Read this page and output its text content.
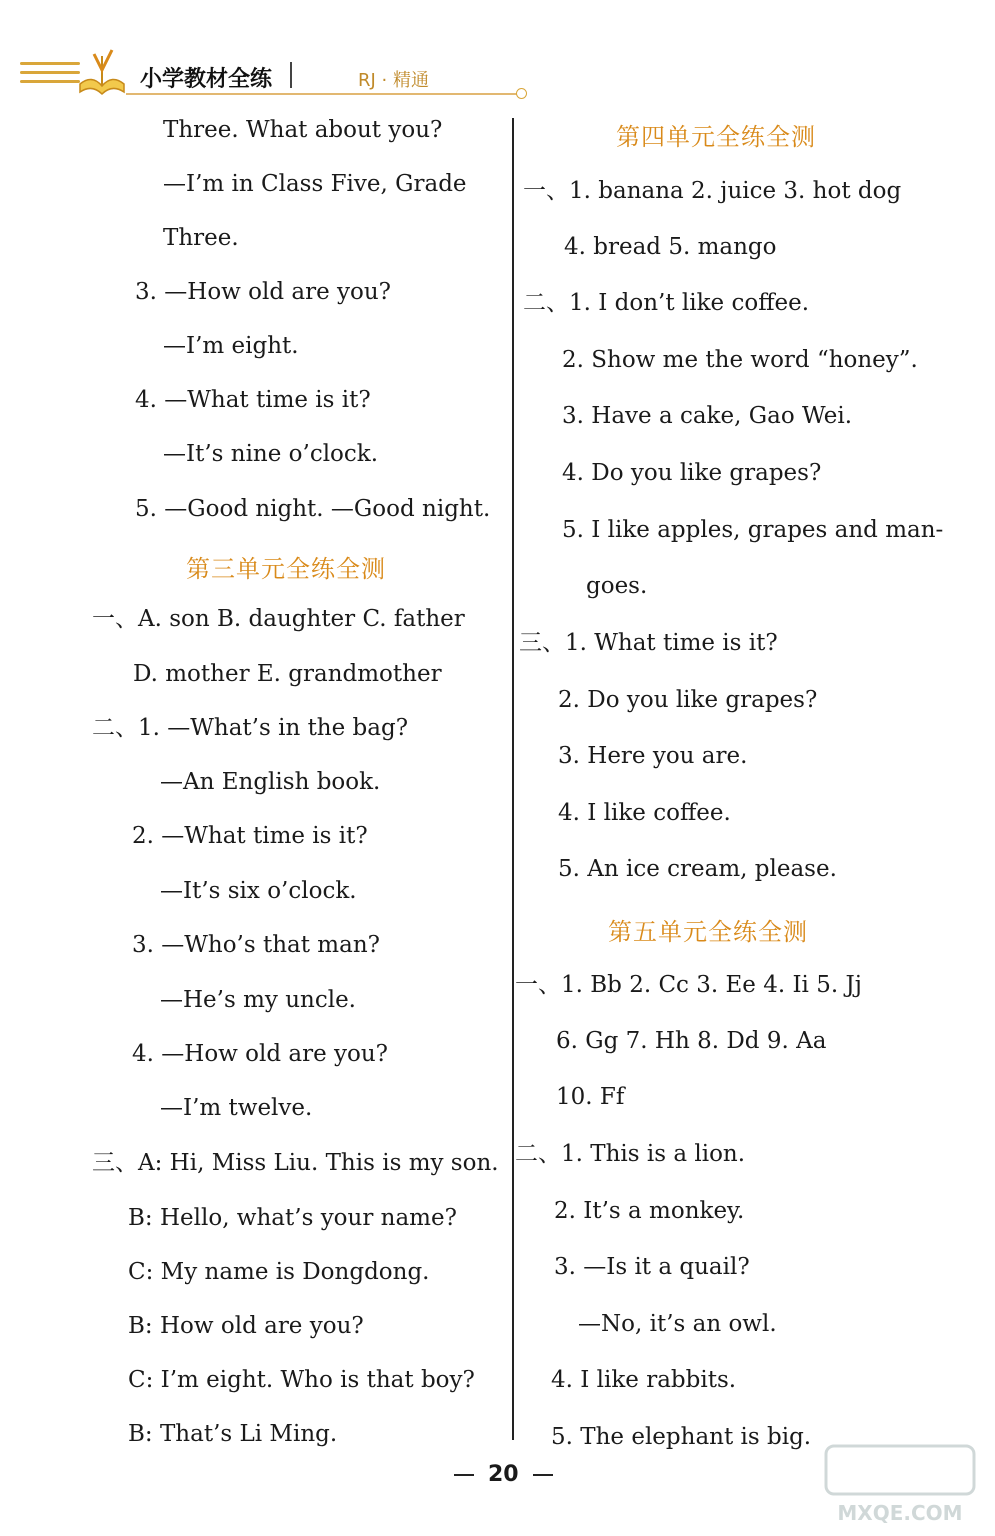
小学教材全练	RJ · 精通
Three. What about you?
—I’m in Class Five, Grade
Three.
3. —How old are you?
—I’m eight.
4. —What time is it?
—It’s nine o’clock.
5. —Good night. —Good night.
第三单元全练全测
一、A. son B. daughter C. father
D. mother E. grandmother
二、1. —What’s in the bag?
—An English book.
2. —What time is it?
—It’s six o’clock.
3. —Who’s that man?
—He’s my uncle.
4. —How old are you?
—I’m twelve.
三、A: Hi, Miss Liu. This is my son.
B: Hello, what’s your name?
C: My name is Dongdong.
B: How old are you?
C: I’m eight. Who is that boy?
B: That’s Li Ming.
第四单元全练全测
一、1. banana 2. juice 3. hot dog
4. bread 5. mango
二、1. I don’t like coffee.
2. Show me the word “honey”.
3. Have a cake, Gao Wei.
4. Do you like grapes?
5. I like apples, grapes and man-
goes.
三、1. What time is it?
2. Do you like grapes?
3. Here you are.
4. I like coffee.
5. An ice cream, please.
第五单元全练全测
一、1. Bb 2. Cc 3. Ee 4. Ii 5. Jj
6. Gg 7. Hh 8. Dd 9. Aa
10. Ff
二、1. This is a lion.
2. It’s a monkey.
3. —Is it a quail?
—No, it’s an owl.
4. I like rabbits.
5. The elephant is big.
20
MXQE.COM
